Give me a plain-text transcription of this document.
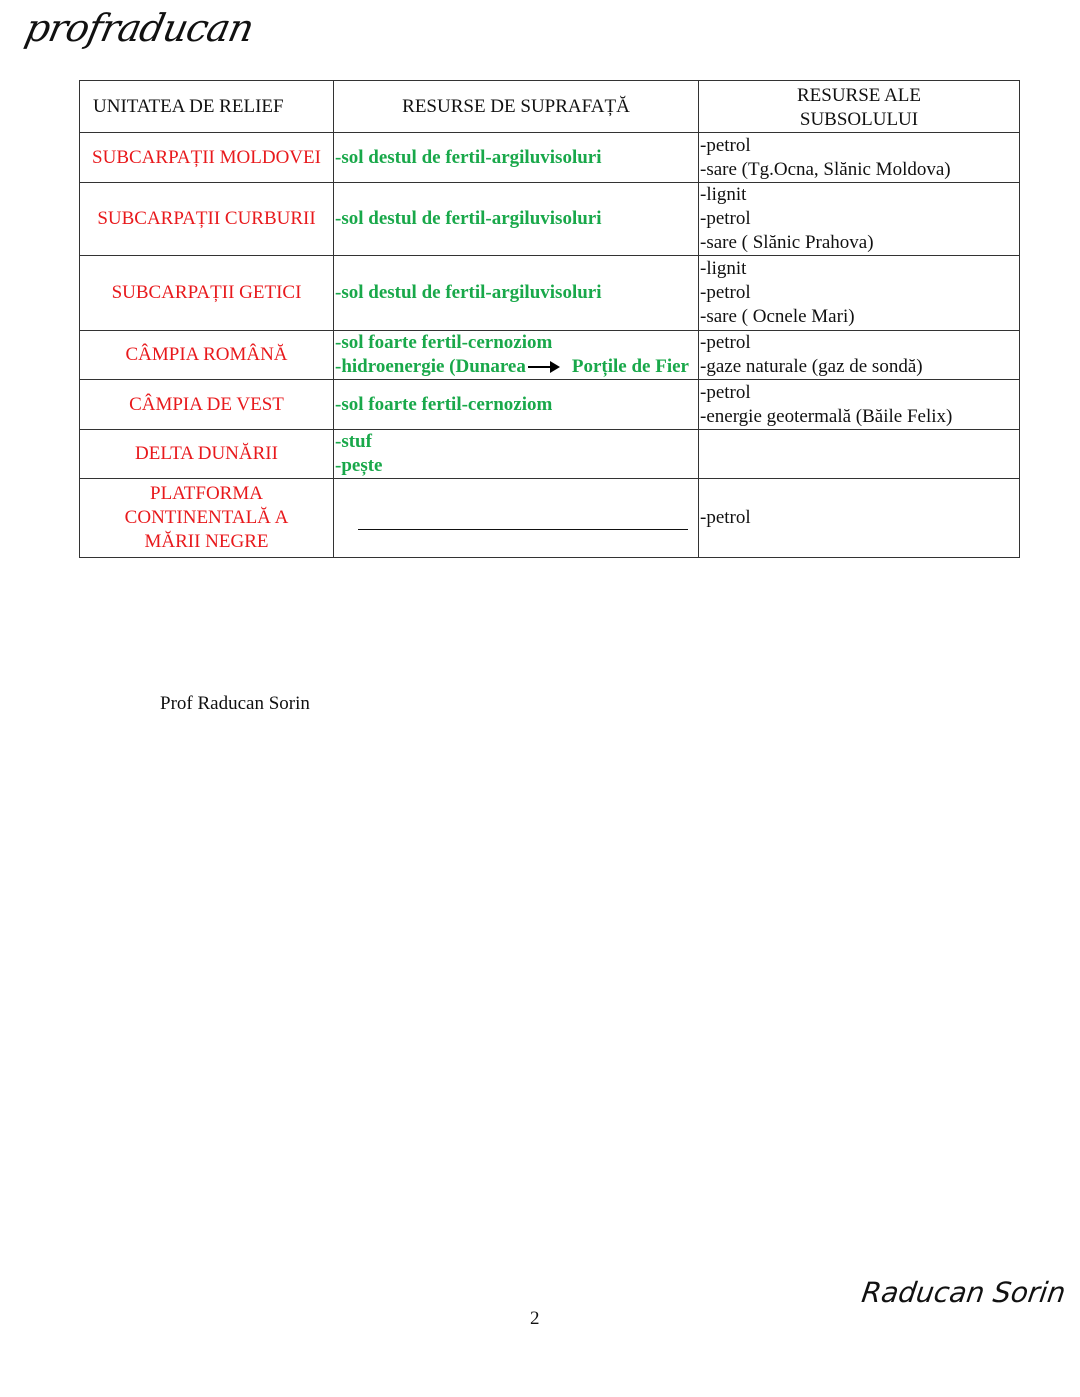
profraducan
UNITATEA DE RELIEF	RESURSE DE SUPRAFAȚĂ	RESURSE ALE
SUBSOLULUI

SUBCARPAȚII MOLDOVEI	-sol destul de fertil-argiluvisoluri	-petrol
-sare (Tg.Ocna, Slănic Moldova)

SUBCARPAȚII CURBURII	-sol destul de fertil-argiluvisoluri	-lignit
-petrol
-sare ( Slănic Prahova)

SUBCARPAȚII GETICI	-sol destul de fertil-argiluvisoluri	-lignit
-petrol
-sare ( Ocnele Mari)

CÂMPIA ROMÂNĂ	-sol foarte fertil-cernoziom
-hidroenergie (Dunarea Porțile de Fier	-petrol
-gaze naturale (gaz de sondă)

CÂMPIA DE VEST	-sol foarte fertil-cernoziom	-petrol
-energie geotermală (Băile Felix)

DELTA DUNĂRII	-stuf
-pește	

PLATFORMA
CONTINENTALĂ A
MĂRII NEGRE		-petrol
Prof Raducan Sorin
2
Raducan Sorin
